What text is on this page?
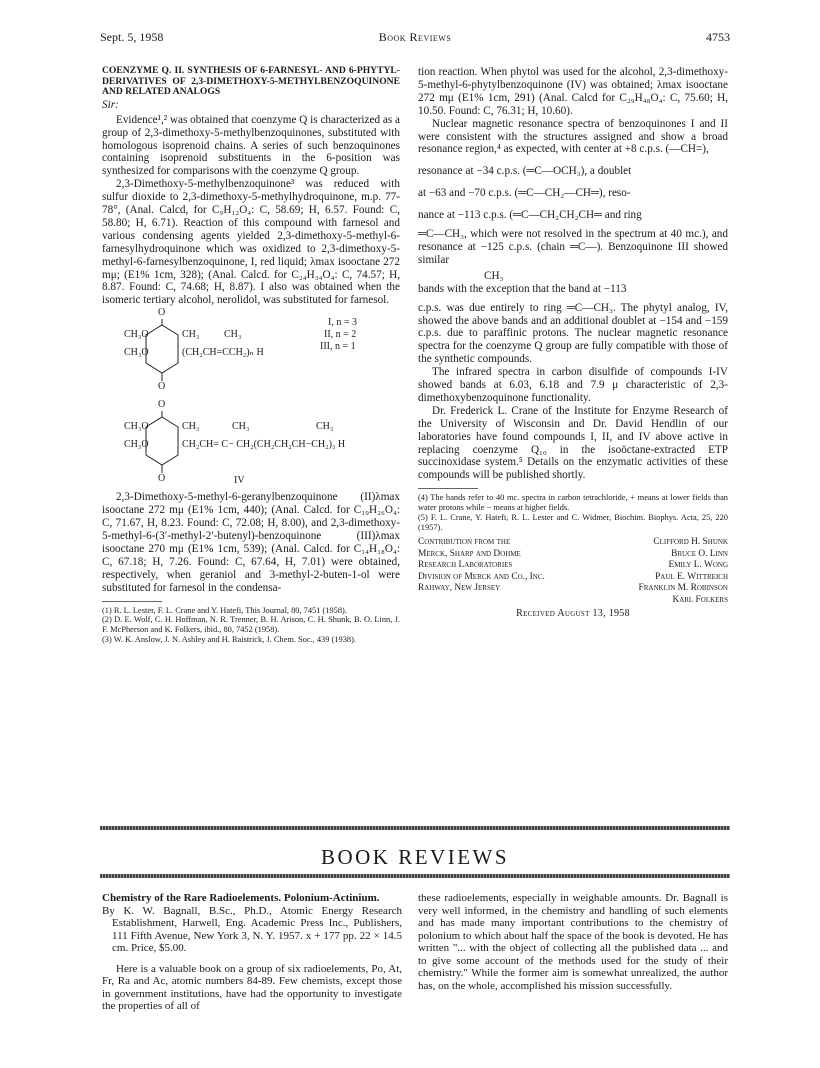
Sept. 5, 1958	Book Reviews	4753

COENZYME Q. II. SYNTHESIS OF 6-FARNESYL- AND 6-PHYTYL-DERIVATIVES OF 2,3-DIMETHOXY-5-METHYLBENZOQUINONE AND RELATED ANALOGS

Sir:

Evidence¹,² was obtained that coenzyme Q is characterized as a group of 2,3-dimethoxy-5-methylbenzoquinones, substituted with homologous isoprenoid chains. A series of such benzoquinones containing isoprenoid substituents in the 6-position was synthesized for comparisons with the coenzyme Q group.

2,3-Dimethoxy-5-methylbenzoquinone³ was reduced with sulfur dioxide to 2,3-dimethoxy-5-methylhydroquinone, m.p. 77-78°, (Anal. Calcd, for C₉H₁₂O₄: C, 58.69; H, 6.57. Found: C, 58.80; H, 6.71). Reaction of this compound with farnesol and various condensing agents yielded 2,3-dimethoxy-5-methyl-6-farnesylhydroquinone which was oxidized to 2,3-dimethoxy-5-methyl-6-farnesylbenzoquinone, I, red liquid; λmax isooctane 272 mμ; (E1% 1cm, 328); (Anal. Calcd. for C₂₄H₃₄O₄: C, 74.57; H, 8.87. Found: C, 74.68; H, 8.87). I also was obtained when the isomeric tertiary alcohol, nerolidol, was substituted for farnesol.

O
CH₃O
CH₃O
CH₃ CH₃
(CH₂CH=CCH₂)ₙ H
O
I, n = 3
II, n = 2
III, n = 1
O
CH₃O
CH₃O
CH₃	CH₃	CH₃
CH₂CH= C− CH₂(CH₂CH₂CH−CH₂)₃ H
O	IV

2,3-Dimethoxy-5-methyl-6-geranylbenzoquinone (II)λmax isooctane 272 mμ (E1% 1cm, 440); (Anal. Calcd. for C₁₉H₂₆O₄: C, 71.67, H, 8.23. Found: C, 72.08; H, 8.00), and 2,3-dimethoxy-5-methyl-6-(3′-methyl-2′-butenyl)-benzoquinone (III)λmax isooctane 270 mμ (E1% 1cm, 539); (Anal. Calcd. for C₁₄H₁₈O₄: C, 67.18; H, 7.26. Found: C, 67.64, H, 7.01) were obtained, respectively, when geraniol and 3-methyl-2-buten-1-ol were substituted for farnesol in the condensa-

(1) R. L. Lester, F. L. Crane and Y. Hatefi, This Journal, 80, 7451 (1958).

(2) D. E. Wolf, C. H. Hoffman, N. R. Trenner, B. H. Arison, C. H. Shunk, B. O. Linn, J. F. McPherson and K. Folkers, ibid., 80, 7452 (1958).

(3) W. K. Anslow, J. N. Ashley and H. Raistrick, J. Chem. Soc., 439 (1938).

tion reaction. When phytol was used for the alcohol, 2,3-dimethoxy-5-methyl-6-phytylbenzoquinone (IV) was obtained; λmax isooctane 272 mμ (E1% 1cm, 291) (Anal. Calcd for C₂₉H₄₈O₄: C, 75.60; H, 10.50. Found: C, 76.31; H, 10.60).

Nuclear magnetic resonance spectra of benzoquinones I and II were consistent with the structures assigned and show a broad resonance region,⁴ as expected, with center at +8 c.p.s. (—CH=),

resonance at −34 c.p.s. (═C—OCH₃), a doublet

at −63 and −70 c.p.s. (═C—CH₂—CH═), reso-

nance at −113 c.p.s. (═C—CH₂CH₂CH═ and ring

═C—CH₃, which were not resolved in the spectrum at 40 mc.), and resonance at −125 c.p.s. (chain ═C—). Benzoquinone III showed similar

CH₃

bands with the exception that the band at −113

c.p.s. was due entirely to ring ═C—CH₃. The phytyl analog, IV, showed the above bands and an additional doublet at −154 and −159 c.p.s. due to paraffinic protons. The nuclear magnetic resonance spectra for the coenzyme Q group are fully compatible with those of the synthetic compounds.

The infrared spectra in carbon disulfide of compounds I-IV showed bands at 6.03, 6.18 and 7.9 μ characteristic of 2,3-dimethoxybenzoquinone functionality.

Dr. Frederick L. Crane of the Institute for Enzyme Research of the University of Wisconsin and Dr. David Hendlin of our laboratories have found compounds I, II, and IV above active in replacing coenzyme Q₁₀ in the isoöctane-extracted ETP succinoxidase system.⁵ Details on the enzymatic activities of these compounds will be published shortly.

(4) The bands refer to 40 mc. spectra in carbon tetrachloride, + means at lower fields than water protons while − means at higher fields.

(5) F. L. Crane, Y. Hatefi, R. L. Lester and C. Widmer, Biochim. Biophys. Acta, 25, 220 (1957).

Contribution from the	Clifford H. Shunk
Merck, Sharp and Dohme	Bruce O. Linn
Research Laboratories	Emily L. Wong
Division of Merck and Co., Inc.	Paul E. Wittreich
Rahway, New Jersey	Franklin M. Robinson
Karl Folkers

Received August 13, 1958

BOOK REVIEWS

Chemistry of the Rare Radioelements. Polonium-Actinium.

By K. W. Bagnall, B.Sc., Ph.D., Atomic Energy Research Establishment, Harwell, Eng. Academic Press Inc., Publishers, 111 Fifth Avenue, New York 3, N. Y. 1957. x + 177 pp. 22 × 14.5 cm. Price, $5.00.

Here is a valuable book on a group of six radioelements, Po, At, Fr, Ra and Ac, atomic numbers 84-89. Few chemists, except those in government institutions, have had the opportunity to investigate the properties of all of

these radioelements, especially in weighable amounts. Dr. Bagnall is very well informed, in the chemistry and handling of such elements and has made many important contributions to the chemistry of polonium to which about half the space of the book is devoted. He has written "... with the object of collecting all the published data ... and to give some account of the methods used for the study of their chemistry." While the former aim is somewhat unrealized, the author has, on the whole, accomplished his mission successfully.
